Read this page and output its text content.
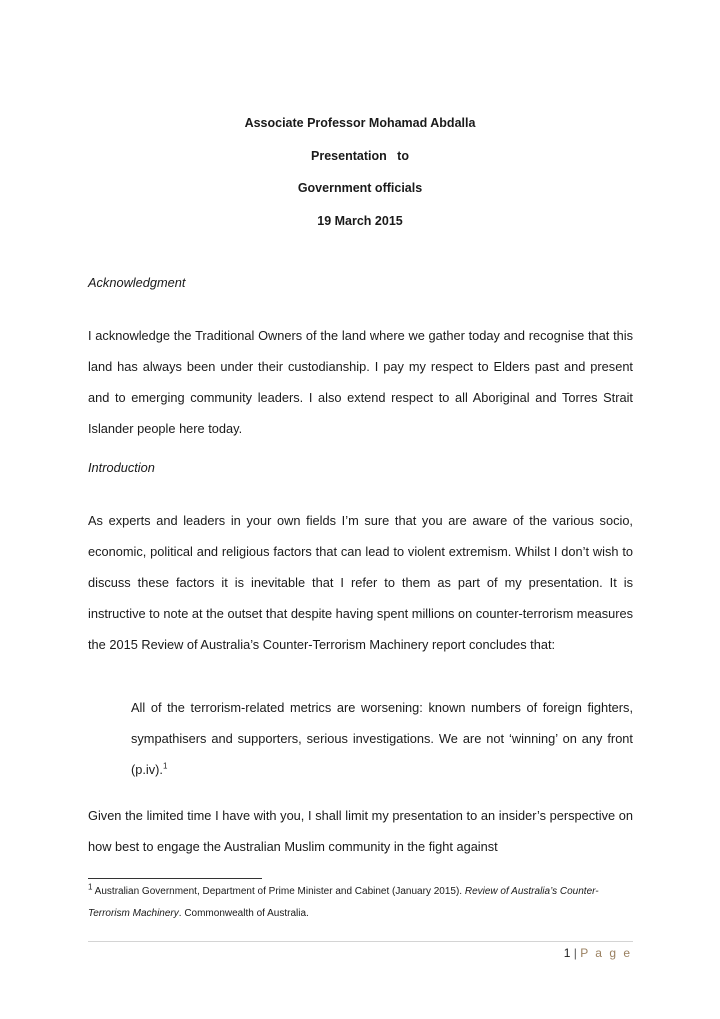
Associate Professor Mohamad Abdalla
Presentation   to
Government officials
19 March 2015

Acknowledgment

I acknowledge the Traditional Owners of the land where we gather today and recognise that this land has always been under their custodianship. I pay my respect to Elders past and present and to emerging community leaders. I also extend respect to all Aboriginal and Torres Strait Islander people here today.

Introduction

As experts and leaders in your own fields I’m sure that you are aware of the various socio, economic, political and religious factors that can lead to violent extremism. Whilst I don’t wish to discuss these factors it is inevitable that I refer to them as part of my presentation. It is instructive to note at the outset that despite having spent millions on counter-terrorism measures the 2015 Review of Australia’s Counter-Terrorism Machinery report concludes that:

All of the terrorism-related metrics are worsening: known numbers of foreign fighters, sympathisers and supporters, serious investigations. We are not ‘winning’ on any front (p.iv).$^1$

Given the limited time I have with you, I shall limit my presentation to an insider’s perspective on how best to engage the Australian Muslim community in the fight against

$^1$ Australian Government, Department of Prime Minister and Cabinet (January 2015). Review of Australia’s Counter-Terrorism Machinery. Commonwealth of Australia.
1 | P a g e
